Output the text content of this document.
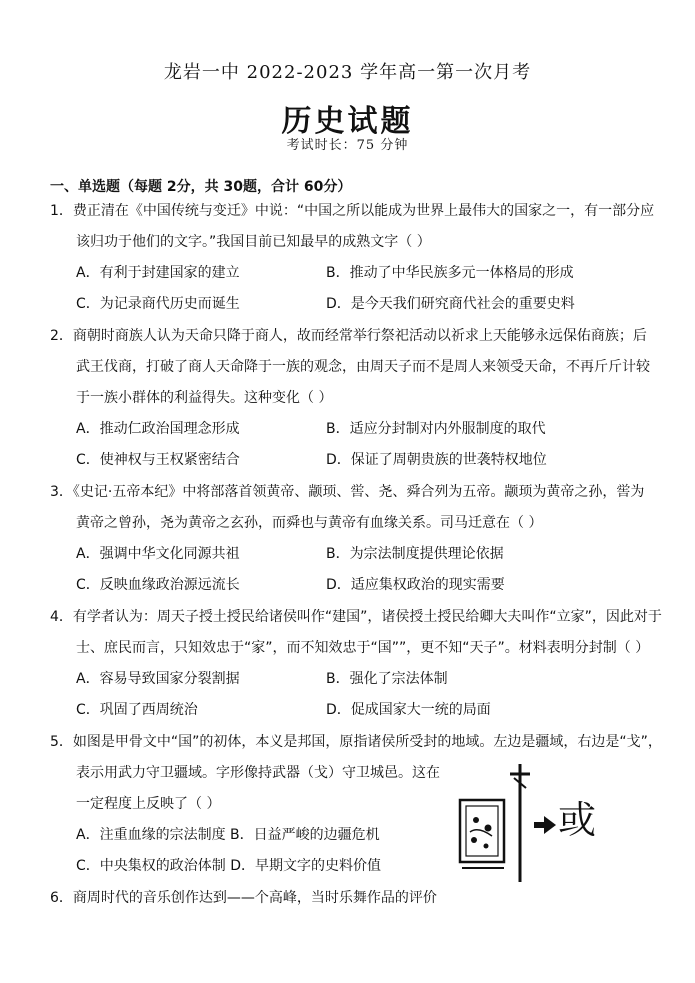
龙岩一中 2022-2023 学年高一第一次月考
历史试题
考试时长：75 分钟
一、单选题（每题 2分，共 30题，合计 60分）
1．费正清在《中国传统与变迁》中说：“中国之所以能成为世界上最伟大的国家之一，有一部分应
该归功于他们的文字。”我国目前已知最早的成熟文字（ ）
A．有利于封建国家的建立	B．推动了中华民族多元一体格局的形成
C．为记录商代历史而诞生	D．是今天我们研究商代社会的重要史料
2．商朝时商族人认为天命只降于商人，故而经常举行祭祀活动以祈求上天能够永远保佑商族；后
武王伐商，打破了商人天命降于一族的观念，由周天子而不是周人来领受天命，不再斤斤计较
于一族小群体的利益得失。这种变化（ ）
A．推动仁政治国理念形成	B．适应分封制对内外服制度的取代
C．使神权与王权紧密结合	D．保证了周朝贵族的世袭特权地位
3．《史记·五帝本纪》中将部落首领黄帝、颛顼、喾、尧、舜合列为五帝。颛顼为黄帝之孙，喾为
黄帝之曾孙，尧为黄帝之玄孙，而舜也与黄帝有血缘关系。司马迁意在（ ）
A．强调中华文化同源共祖	B．为宗法制度提供理论依据
C．反映血缘政治源远流长	D．适应集权政治的现实需要
4．有学者认为：周天子授土授民给诸侯叫作“建国”，诸侯授土授民给卿大夫叫作“立家”，因此对于
士、庶民而言，只知效忠于“家”，而不知效忠于“国””，更不知“天子”。材料表明分封制（ ）
A．容易导致国家分裂割据	B．强化了宗法体制
C．巩固了西周统治	D．促成国家大一统的局面
5．如图是甲骨文中“国”的初体，本义是邦国，原指诸侯所受封的地域。左边是疆域，右边是“戈”，
表示用武力守卫疆域。字形像持武器（戈）守卫城邑。这在
一定程度上反映了（ ）
A．注重血缘的宗法制度 B．日益严峻的边疆危机
C．中央集权的政治体制 D．早期文字的史料价值
6．商周时代的音乐创作达到——个高峰，当时乐舞作品的评价
或
